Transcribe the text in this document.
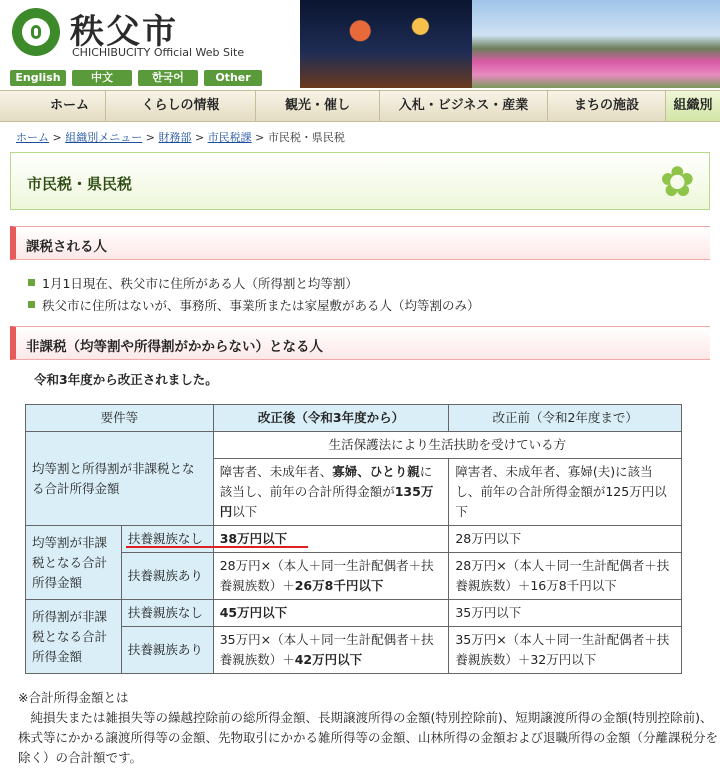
秩父市
CHICHIBUCITY Official Web Site
English	中文	한국어	Other
ホーム	くらしの情報	観光・催し	入札・ビジネス・産業	まちの施設	組織別
ホーム > 組織別メニュー > 財務部 > 市民税課 > 市民税・県民税
市民税・県民税	✿
課税される人
1月1日現在、秩父市に住所がある人（所得割と均等割）
秩父市に住所はないが、事務所、事業所または家屋敷がある人（均等割のみ）
非課税（均等割や所得割がかからない）となる人
令和3年度から改正されました。
要件等		改正後（令和3年度から）	改正前（令和2年度まで）
均等割と所得割が非課税となる合計所得金額		生活保護法により生活扶助を受けている方	
		障害者、未成年者、寡婦、ひとり親に該当し、前年の合計所得金額が135万円以下	障害者、未成年者、寡婦(夫)に該当し、前年の合計所得金額が125万円以下
均等割が非課税となる合計所得金額	扶養親族なし	38万円以下	28万円以下
	扶養親族あり	28万円×（本人＋同一生計配偶者＋扶養親族数）＋26万8千円以下	28万円×（本人＋同一生計配偶者＋扶養親族数）＋16万8千円以下
所得割が非課税となる合計所得金額	扶養親族なし	45万円以下	35万円以下
	扶養親族あり	35万円×（本人＋同一生計配偶者＋扶養親族数）＋42万円以下	35万円×（本人＋同一生計配偶者＋扶養親族数）＋32万円以下
※合計所得金額とは
純損失または雑損失等の繰越控除前の総所得金額、長期譲渡所得の金額(特別控除前)、短期譲渡所得の金額(特別控除前)、株式等にかかる譲渡所得等の金額、先物取引にかかる雑所得等の金額、山林所得の金額および退職所得の金額（分離課税分を除く）の合計額です。
